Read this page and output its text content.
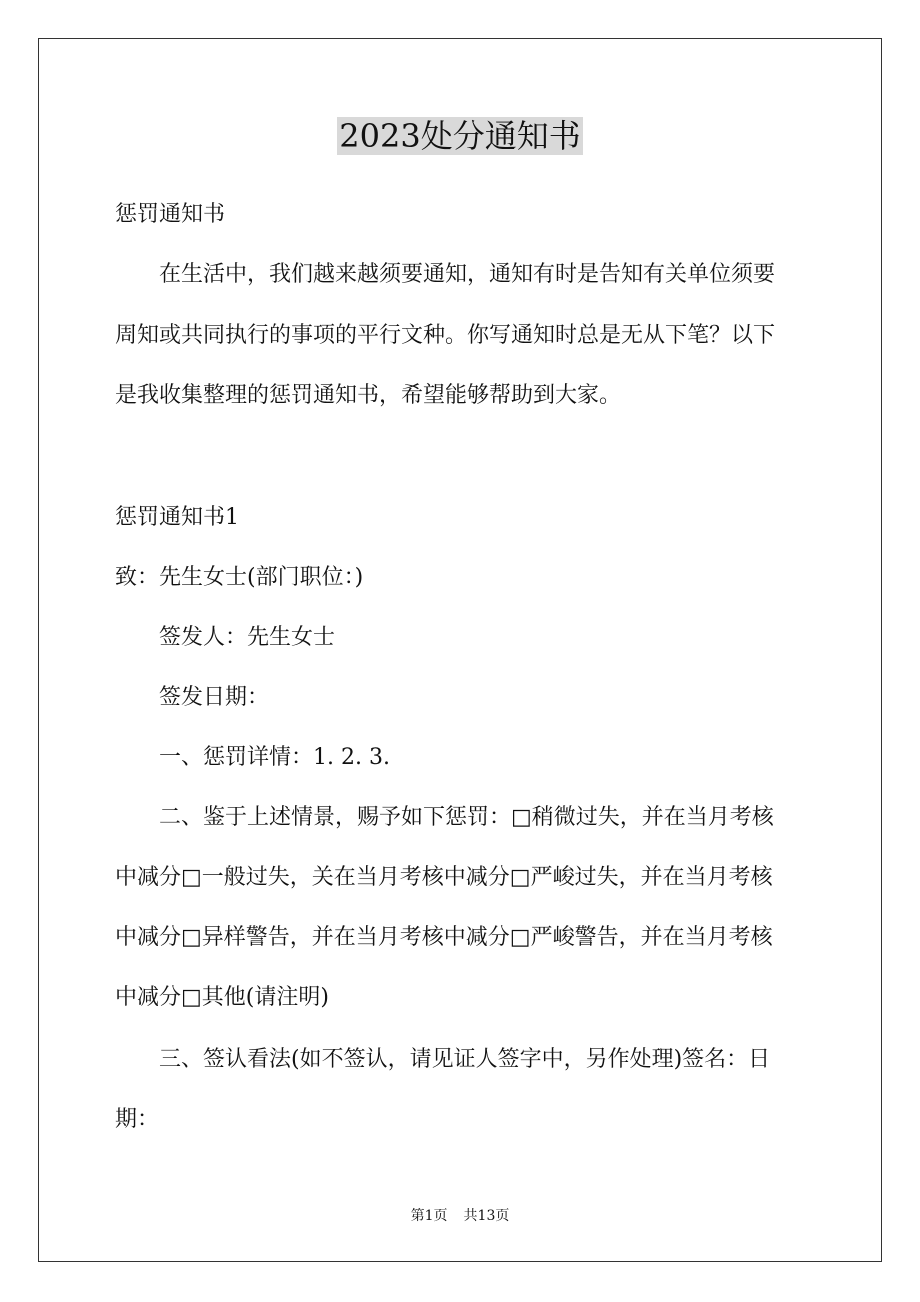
2023处分通知书
惩罚通知书
在生活中，我们越来越须要通知，通知有时是告知有关单位须要
周知或共同执行的事项的平行文种。你写通知时总是无从下笔？以下
是我收集整理的惩罚通知书，希望能够帮助到大家。
惩罚通知书1
致：先生女士(部门职位：)
签发人：先生女士
签发日期：
一、惩罚详情：1. 2. 3.
二、鉴于上述情景，赐予如下惩罚：□稍微过失，并在当月考核
中减分□一般过失，关在当月考核中减分□严峻过失，并在当月考核
中减分□异样警告，并在当月考核中减分□严峻警告，并在当月考核
中减分□其他(请注明)
三、签认看法(如不签认，请见证人签字中，另作处理)签名：日
期：
第1页 共13页
